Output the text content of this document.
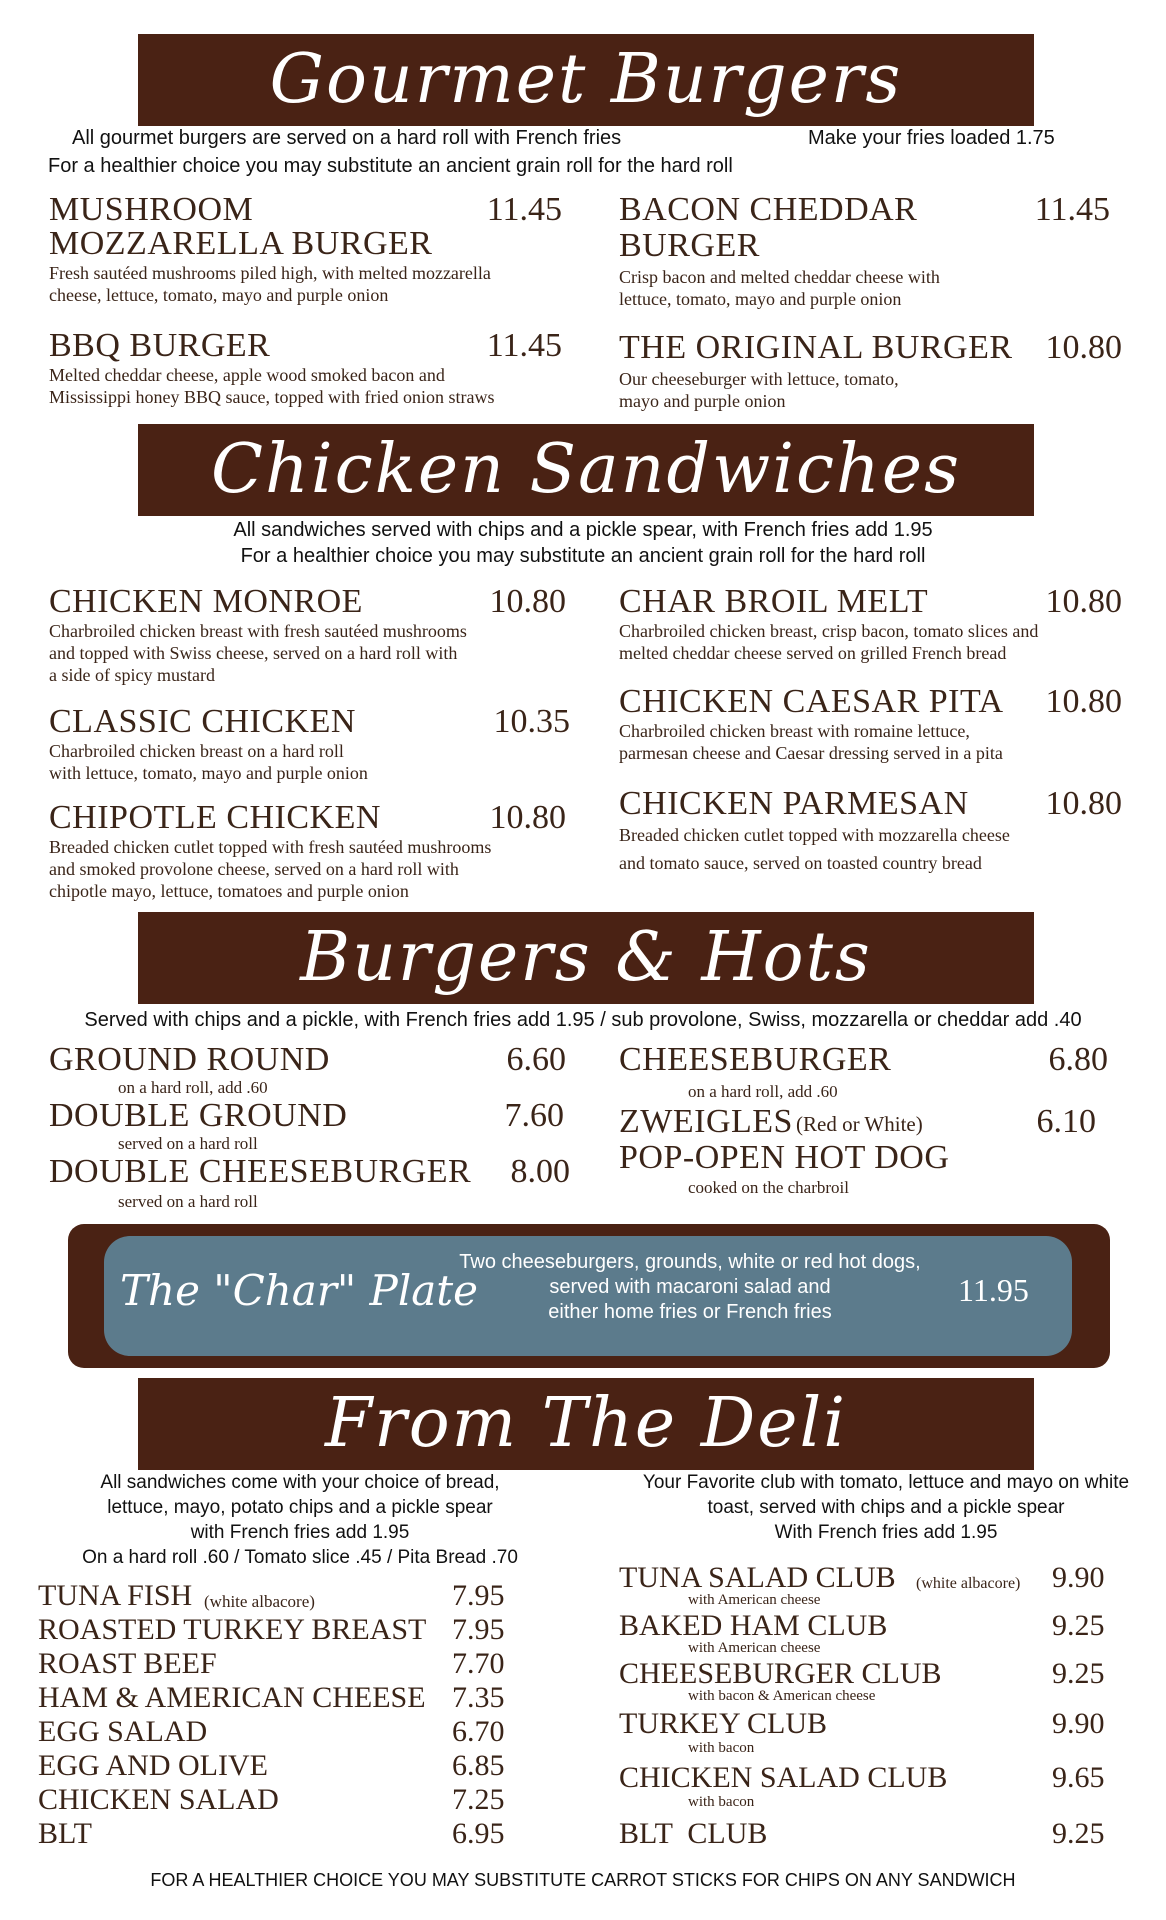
Gourmet Burgers
All gourmet burgers are served on a hard roll with French fries	Make your fries loaded 1.75
For a healthier choice you may substitute an ancient grain roll for the hard roll
MUSHROOM
MOZZARELLA BURGER
11.45
Fresh sautéed mushrooms piled high, with melted mozzarella
cheese, lettuce, tomato, mayo and purple onion
BACON CHEDDAR
BURGER
11.45
Crisp bacon and melted cheddar cheese with
lettuce, tomato, mayo and purple onion
BBQ BURGER	11.45
Melted cheddar cheese, apple wood smoked bacon and
Mississippi honey BBQ sauce, topped with fried onion straws
THE ORIGINAL BURGER 10.80
Our cheeseburger with lettuce, tomato,
mayo and purple onion
Chicken Sandwiches
All sandwiches served with chips and a pickle spear, with French fries add 1.95
For a healthier choice you may substitute an ancient grain roll for the hard roll
CHICKEN MONROE	10.80
Charbroiled chicken breast with fresh sautéed mushrooms
and topped with Swiss cheese, served on a hard roll with
a side of spicy mustard
CLASSIC CHICKEN	10.35
Charbroiled chicken breast on a hard roll
with lettuce, tomato, mayo and purple onion
CHIPOTLE CHICKEN	10.80
Breaded chicken cutlet topped with fresh sautéed mushrooms
and smoked provolone cheese, served on a hard roll with
chipotle mayo, lettuce, tomatoes and purple onion
CHAR BROIL MELT	10.80
Charbroiled chicken breast, crisp bacon, tomato slices and
melted cheddar cheese served on grilled French bread
CHICKEN CAESAR PITA	10.80
Charbroiled chicken breast with romaine lettuce,
parmesan cheese and Caesar dressing served in a pita
CHICKEN PARMESAN	10.80
Breaded chicken cutlet topped with mozzarella cheese
and tomato sauce, served on toasted country bread
Burgers & Hots
Served with chips and a pickle, with French fries add 1.95 / sub provolone, Swiss, mozzarella or cheddar add .40
GROUND ROUND	6.60
on a hard roll, add .60
DOUBLE GROUND	7.60
served on a hard roll
DOUBLE CHEESEBURGER	8.00
served on a hard roll
CHEESEBURGER	6.80
on a hard roll, add .60
ZWEIGLES (Red or White)	6.10
POP-OPEN HOT DOG
cooked on the charbroil
The "Char" Plate
Two cheeseburgers, grounds, white or red hot dogs,
served with macaroni salad and
either home fries or French fries
11.95
From The Deli
All sandwiches come with your choice of bread,
lettuce, mayo, potato chips and a pickle spear
with French fries add 1.95
On a hard roll .60 / Tomato slice .45 / Pita Bread .70
Your Favorite club with tomato, lettuce and mayo on white
toast, served with chips and a pickle spear
With French fries add 1.95
TUNA FISH (white albacore)	7.95
ROASTED TURKEY BREAST 7.95
ROAST BEEF	7.70
HAM & AMERICAN CHEESE 7.35
EGG SALAD	6.70
EGG AND OLIVE	6.85
CHICKEN SALAD	7.25
BLT	6.95
TUNA SALAD CLUB (white albacore) 9.90
with American cheese
BAKED HAM CLUB	9.25
with American cheese
CHEESEBURGER CLUB	9.25
with bacon & American cheese
TURKEY CLUB	9.90
with bacon
CHICKEN SALAD CLUB	9.65
with bacon
BLT  CLUB	9.25
FOR A HEALTHIER CHOICE YOU MAY SUBSTITUTE CARROT STICKS FOR CHIPS ON ANY SANDWICH
